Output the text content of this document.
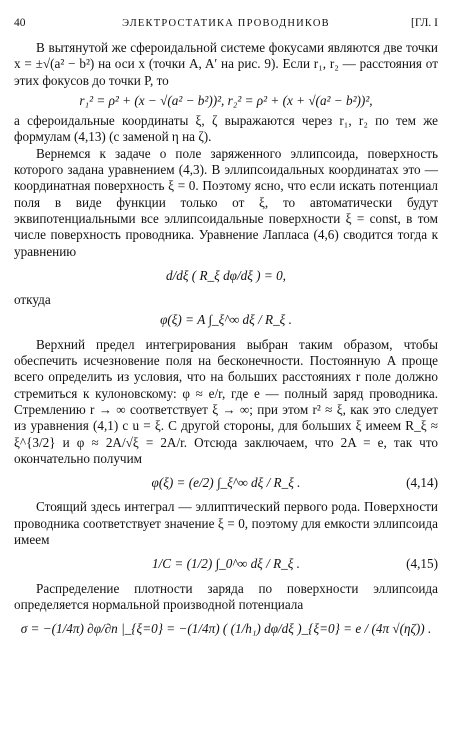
40	ЭЛЕКТРОСТАТИКА ПРОВОДНИКОВ	[ГЛ. I

В вытянутой же сфероидальной системе фокусами являются две точки x = ±√(a² − b²) на оси x (точки A, A′ на рис. 9). Если r₁, r₂ — расстояния от этих фокусов до точки P, то

r₁² = ρ² + (x − √(a² − b²))², r₂² = ρ² + (x + √(a² − b²))²,

а сфероидальные координаты ξ, ζ выражаются через r₁, r₂ по тем же формулам (4,13) (с заменой η на ζ).

Вернемся к задаче о поле заряженного эллипсоида, поверхность которого задана уравнением (4,3). В эллипсоидальных координатах это — координатная поверхность ξ = 0. Поэтому ясно, что если искать потенциал поля в виде функции только от ξ, то автоматически будут эквипотенциальными все эллипсоидальные поверхности ξ = const, в том числе поверхность проводника. Уравнение Лапласа (4,6) сводится тогда к уравнению

d/dξ ( R_ξ dφ/dξ ) = 0,

откуда

φ(ξ) = A ∫_ξ^∞ dξ / R_ξ .

Верхний предел интегрирования выбран таким образом, чтобы обеспечить исчезновение поля на бесконечности. Постоянную A проще всего определить из условия, что на больших расстояниях r поле должно стремиться к кулоновскому: φ ≈ e/r, где e — полный заряд проводника. Стремлению r → ∞ соответствует ξ → ∞; при этом r² ≈ ξ, как это следует из уравнения (4,1) с u = ξ. С другой стороны, для больших ξ имеем R_ξ ≈ ξ^{3/2} и φ ≈ 2A/√ξ = 2A/r. Отсюда заключаем, что 2A = e, так что окончательно получим

φ(ξ) = (e/2) ∫_ξ^∞ dξ / R_ξ .	(4,14)

Стоящий здесь интеграл — эллиптический первого рода. Поверхности проводника соответствует значение ξ = 0, поэтому для емкости эллипсоида имеем

1/C = (1/2) ∫_0^∞ dξ / R_ξ .	(4,15)

Распределение плотности заряда по поверхности эллипсоида определяется нормальной производной потенциала

σ = −(1/4π) ∂φ/∂n |_{ξ=0} = −(1/4π) ( (1/h₁) dφ/dξ )_{ξ=0} = e / (4π √(ηζ)) .
